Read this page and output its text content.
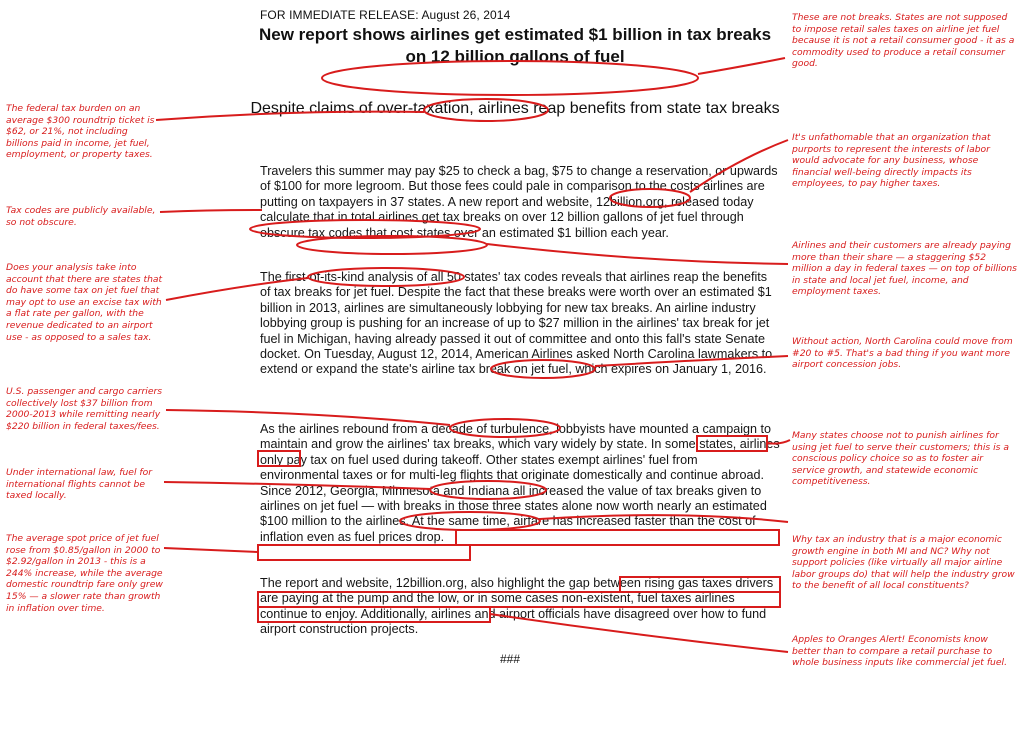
FOR IMMEDIATE RELEASE: August 26, 2014
New report shows airlines get estimated $1 billion in tax breaks on 12 billion gallons of fuel
Despite claims of over-taxation, airlines reap benefits from state tax breaks
Travelers this summer may pay $25 to check a bag, $75 to change a reservation, or upwards of $100 for more legroom. But those fees could pale in comparison to the costs airlines are putting on taxpayers in 37 states. A new report and website, 12billion.org, released today calculate that in total airlines get tax breaks on over 12 billion gallons of jet fuel through obscure tax codes that cost states over an estimated $1 billion each year.
The first-of-its-kind analysis of all 50 states' tax codes reveals that airlines reap the benefits of tax breaks for jet fuel. Despite the fact that these breaks were worth over an estimated $1 billion in 2013, airlines are simultaneously lobbying for new tax breaks. An airline industry lobbying group is pushing for an increase of up to $27 million in the airlines' tax break for jet fuel in Michigan, having already passed it out of committee and onto this fall's state Senate docket. On Tuesday, August 12, 2014, American Airlines asked North Carolina lawmakers to extend or expand the state's airline tax break on jet fuel, which expires on January 1, 2016.
As the airlines rebound from a decade of turbulence, lobbyists have mounted a campaign to maintain and grow the airlines' tax breaks, which vary widely by state. In some states, airlines only pay tax on fuel used during takeoff. Other states exempt airlines' fuel from environmental taxes or for multi-leg flights that originate domestically and continue abroad. Since 2012, Georgia, Minnesota and Indiana all increased the value of tax breaks given to airlines on jet fuel — with breaks in those three states alone now worth nearly an estimated $100 million to the airlines. At the same time, airfare has increased faster than the cost of inflation even as fuel prices drop.
The report and website, 12billion.org, also highlight the gap between rising gas taxes drivers are paying at the pump and the low, or in some cases non-existent, fuel taxes airlines continue to enjoy. Additionally, airlines and airport officials have disagreed over how to fund airport construction projects.
###
The federal tax burden on an average $300 roundtrip ticket is $62, or 21%, not including billions paid in income, jet fuel, employment, or property taxes.
Tax codes are publicly available, so not obscure.
Does your analysis take into account that there are states that do have some tax on jet fuel that may opt to use an excise tax with a flat rate per gallon, with the revenue dedicated to an airport use - as opposed to a sales tax.
U.S. passenger and cargo carriers collectively lost $37 billion from 2000-2013 while remitting nearly $220 billion in federal taxes/fees.
Under international law, fuel for international flights cannot be taxed locally.
The average spot price of jet fuel rose from $0.85/gallon in 2000 to $2.92/gallon in 2013 - this is a 244% increase, while the average domestic roundtrip fare only grew 15% — a slower rate than growth in inflation over time.
These are not breaks. States are not supposed to impose retail sales taxes on airline jet fuel because it is not a retail consumer good - it as a commodity used to produce a retail consumer good.
It's unfathomable that an organization that purports to represent the interests of labor would advocate for any business, whose financial well-being directly impacts its employees, to pay higher taxes.
Airlines and their customers are already paying more than their share — a staggering $52 million a day in federal taxes — on top of billions in state and local jet fuel, income, and employment taxes.
Without action, North Carolina could move from #20 to #5. That's a bad thing if you want more airport concession jobs.
Many states choose not to punish airlines for using jet fuel to serve their customers; this is a conscious policy choice so as to foster air service growth, and statewide economic competitiveness.
Why tax an industry that is a major economic growth engine in both MI and NC? Why not support policies (like virtually all major airline labor groups do) that will help the industry grow to the benefit of all local constituents?
Apples to Oranges Alert! Economists know better than to compare a retail purchase to whole business inputs like commercial jet fuel.
